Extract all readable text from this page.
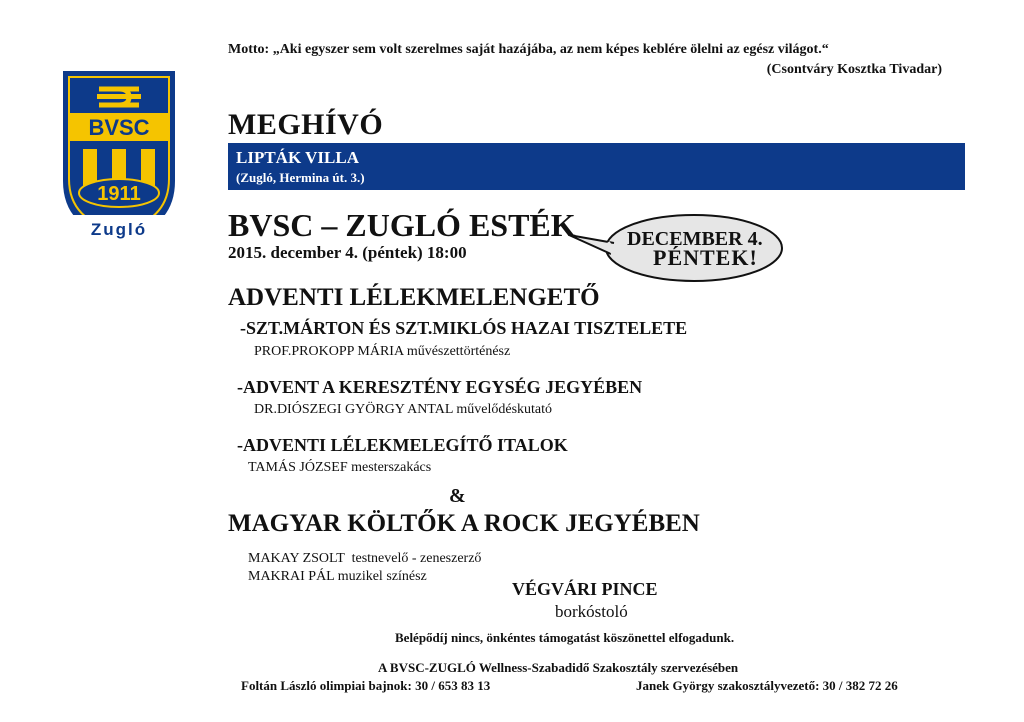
BVSC
1911
Zugló
Motto: „Aki egyszer sem volt szerelmes saját hazájába, az nem képes keblére ölelni az egész világot.“
(Csontváry Kosztka Tivadar)
MEGHÍVÓ
LIPTÁK VILLA
(Zugló, Hermina út. 3.)
BVSC – ZUGLÓ ESTÉK
2015. december 4. (péntek) 18:00
DECEMBER 4.
PÉNTEK!
ADVENTI LÉLEKMELENGETŐ
-SZT.MÁRTON ÉS SZT.MIKLÓS HAZAI TISZTELETE
PROF.PROKOPP MÁRIA művészettörténész
-ADVENT A KERESZTÉNY EGYSÉG JEGYÉBEN
DR.DIÓSZEGI GYÖRGY ANTAL művelődéskutató
-ADVENTI LÉLEKMELEGÍTŐ ITALOK
TAMÁS JÓZSEF mesterszakács
&
MAGYAR KÖLTŐK A ROCK JEGYÉBEN
MAKAY ZSOLT testnevelő - zeneszerző
MAKRAI PÁL muzikel színész
VÉGVÁRI PINCE
borkóstoló
Belépődíj nincs, önkéntes támogatást köszönettel elfogadunk.
A BVSC-ZUGLÓ Wellness-Szabadidő Szakosztály szervezésében
Foltán László olimpiai bajnok: 30 / 653 83 13	Janek György szakosztályvezető: 30 / 382 72 26
